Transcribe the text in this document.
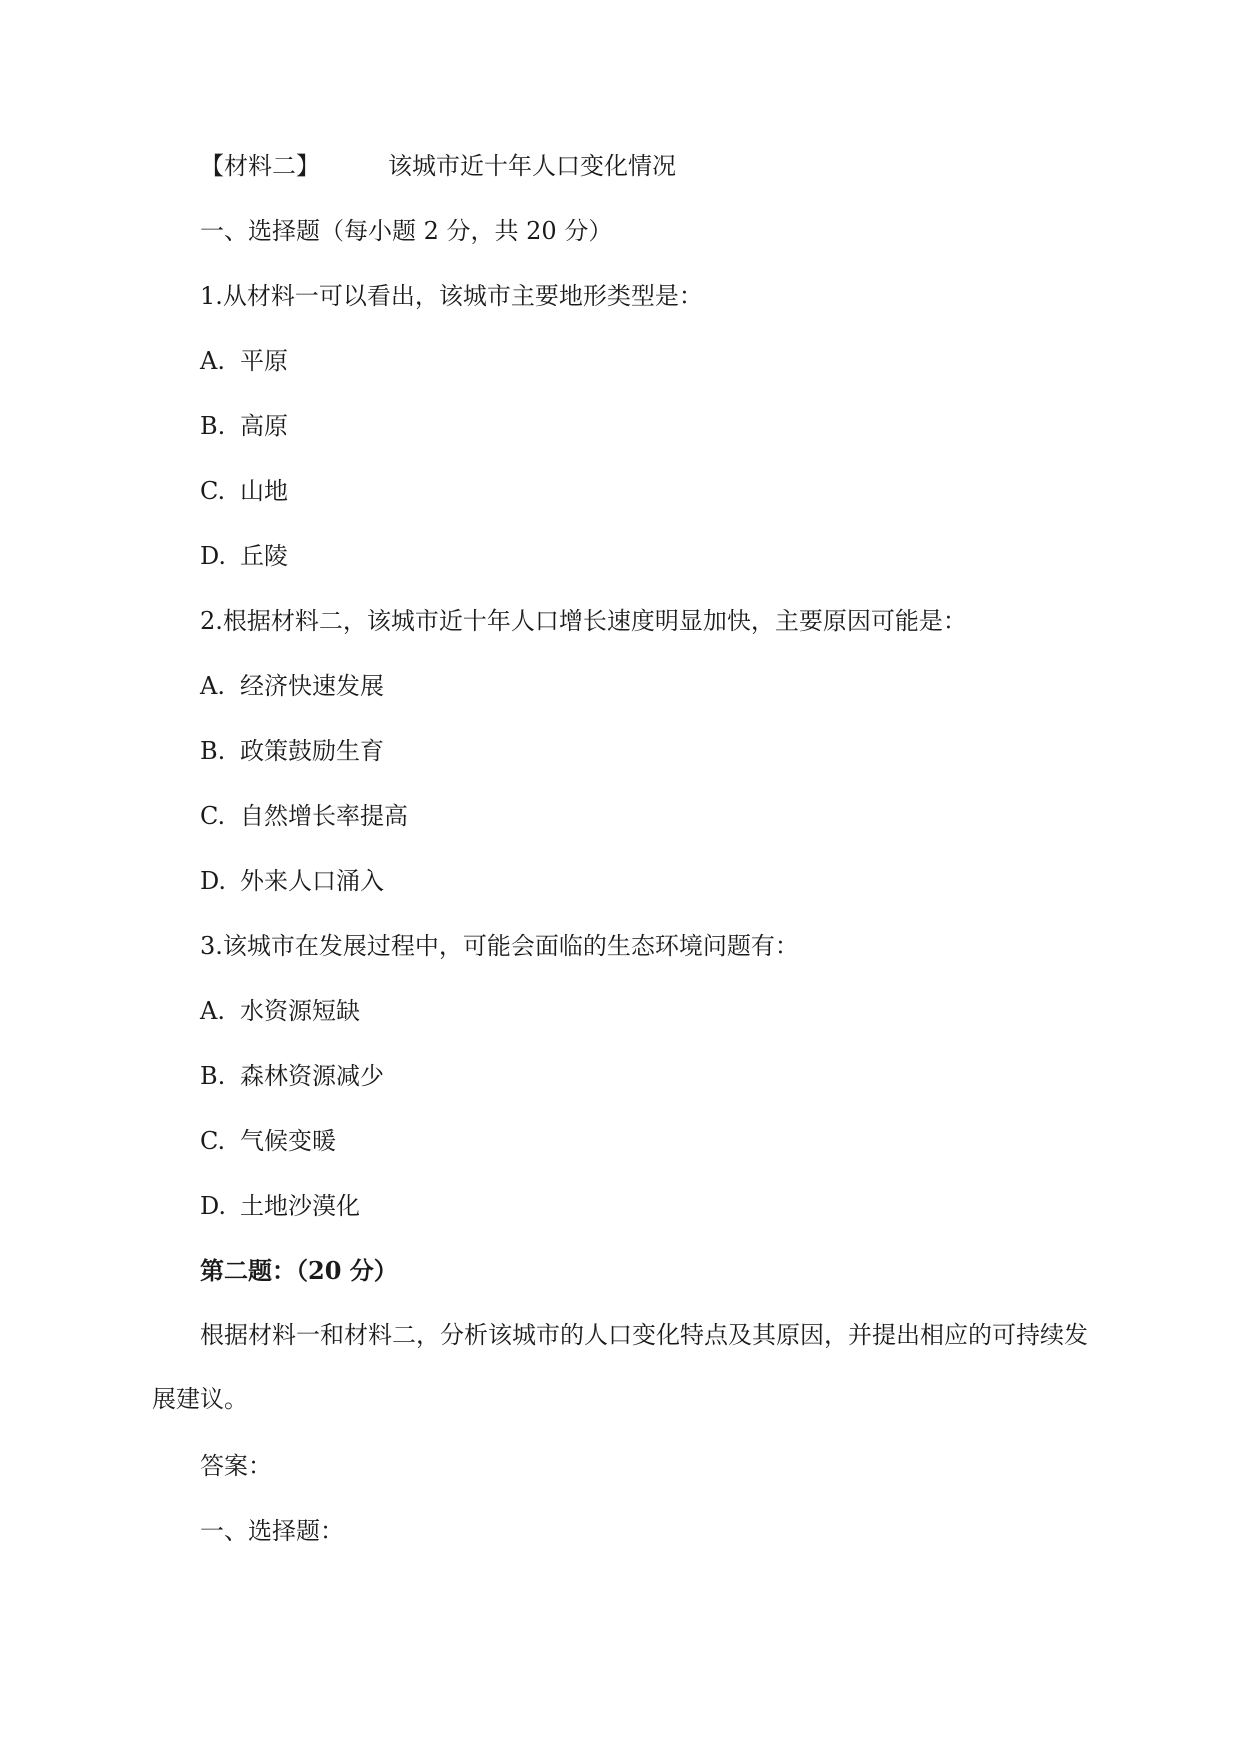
【材料二】	该城市近十年人口变化情况
一、选择题（每小题 2 分，共 20 分）
1.从材料一可以看出，该城市主要地形类型是：
A. 平原
B. 高原
C. 山地
D. 丘陵
2.根据材料二，该城市近十年人口增长速度明显加快，主要原因可能是：
A. 经济快速发展
B. 政策鼓励生育
C. 自然增长率提高
D. 外来人口涌入
3.该城市在发展过程中，可能会面临的生态环境问题有：
A. 水资源短缺
B. 森林资源减少
C. 气候变暖
D. 土地沙漠化
第二题：（20 分）
根据材料一和材料二，分析该城市的人口变化特点及其原因，并提出相应的可持续发展建议。
答案：
一、选择题：
